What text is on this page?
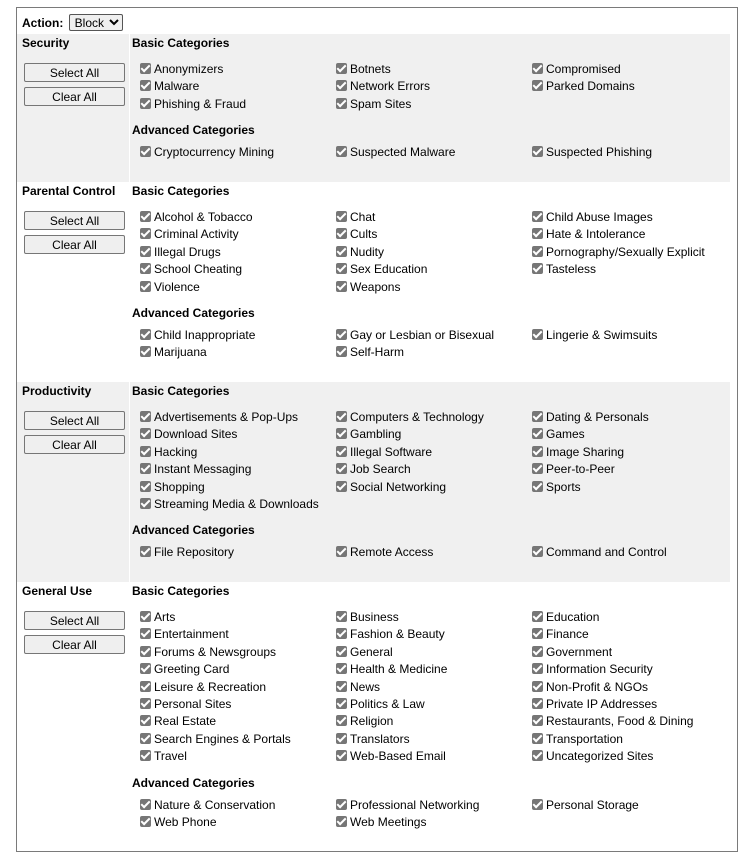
Action:
Block
Security
Select All
Clear All
Basic Categories
Anonymizers	Botnets	Compromised
Malware	Network Errors	Parked Domains
Phishing & Fraud	Spam Sites
Advanced Categories
Cryptocurrency Mining	Suspected Malware	Suspected Phishing
Parental Control
Select All
Clear All
Basic Categories
Alcohol & Tobacco	Chat	Child Abuse Images
Criminal Activity	Cults	Hate & Intolerance
Illegal Drugs	Nudity	Pornography/Sexually Explicit
School Cheating	Sex Education	Tasteless
Violence	Weapons
Advanced Categories
Child Inappropriate	Gay or Lesbian or Bisexual	Lingerie & Swimsuits
Marijuana	Self-Harm
Productivity
Select All
Clear All
Basic Categories
Advertisements & Pop-Ups	Computers & Technology	Dating & Personals
Download Sites	Gambling	Games
Hacking	Illegal Software	Image Sharing
Instant Messaging	Job Search	Peer-to-Peer
Shopping	Social Networking	Sports
Streaming Media & Downloads
Advanced Categories
File Repository	Remote Access	Command and Control
General Use
Select All
Clear All
Basic Categories
Arts	Business	Education
Entertainment	Fashion & Beauty	Finance
Forums & Newsgroups	General	Government
Greeting Card	Health & Medicine	Information Security
Leisure & Recreation	News	Non-Profit & NGOs
Personal Sites	Politics & Law	Private IP Addresses
Real Estate	Religion	Restaurants, Food & Dining
Search Engines & Portals	Translators	Transportation
Travel	Web-Based Email	Uncategorized Sites
Advanced Categories
Nature & Conservation	Professional Networking	Personal Storage
Web Phone	Web Meetings
